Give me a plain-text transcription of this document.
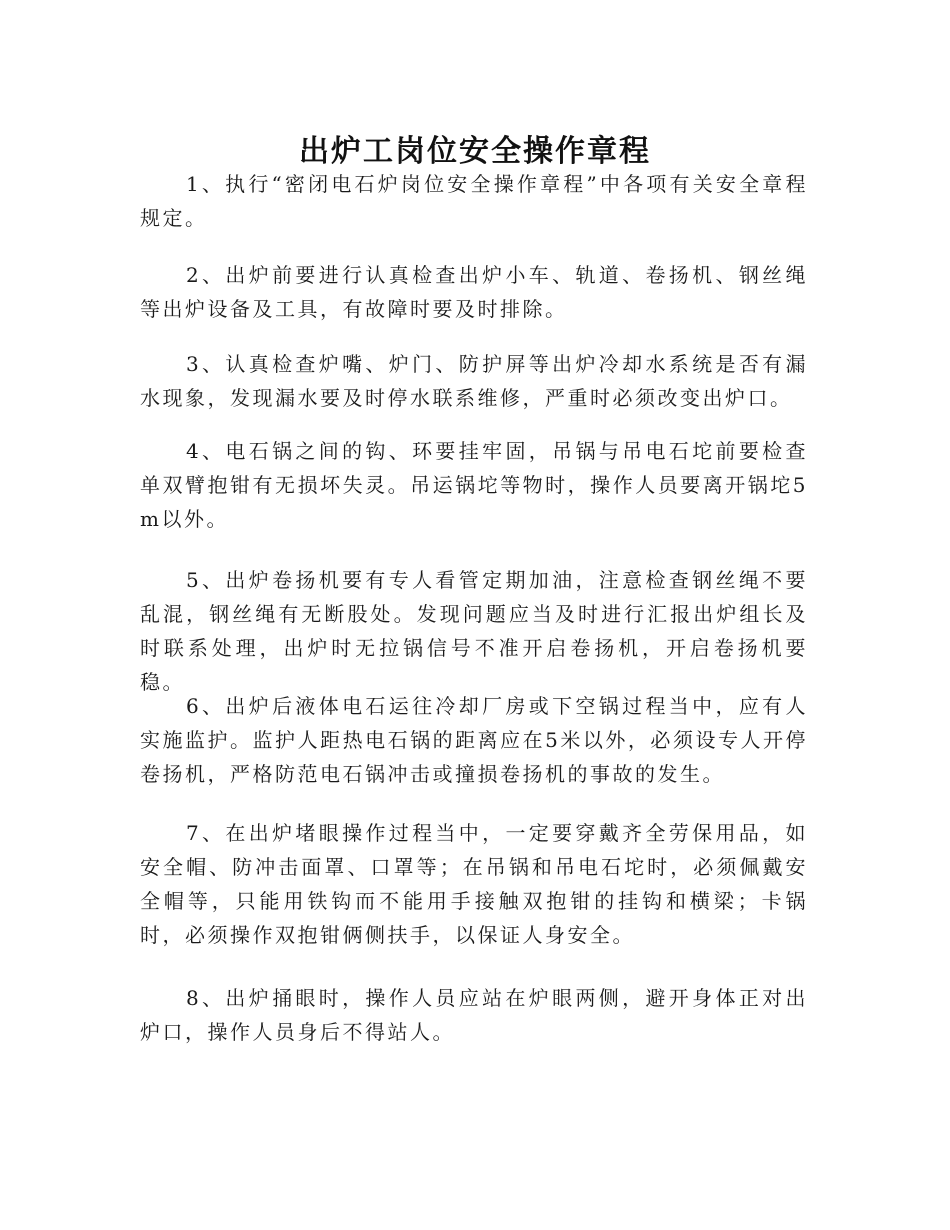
出炉工岗位安全操作章程

1、执行“密闭电石炉岗位安全操作章程”中各项有关安全章程规定。

2、出炉前要进行认真检查出炉小车、轨道、卷扬机、钢丝绳等出炉设备及工具，有故障时要及时排除。

3、认真检查炉嘴、炉门、防护屏等出炉冷却水系统是否有漏水现象，发现漏水要及时停水联系维修，严重时必须改变出炉口。

4、电石锅之间的钩、环要挂牢固，吊锅与吊电石坨前要检查单双臂抱钳有无损坏失灵。吊运锅坨等物时，操作人员要离开锅坨5m以外。

5、出炉卷扬机要有专人看管定期加油，注意检查钢丝绳不要乱混，钢丝绳有无断股处。发现问题应当及时进行汇报出炉组长及时联系处理，出炉时无拉锅信号不准开启卷扬机，开启卷扬机要稳。

6、出炉后液体电石运往冷却厂房或下空锅过程当中，应有人实施监护。监护人距热电石锅的距离应在5米以外，必须设专人开停卷扬机，严格防范电石锅冲击或撞损卷扬机的事故的发生。

7、在出炉堵眼操作过程当中，一定要穿戴齐全劳保用品，如安全帽、防冲击面罩、口罩等；在吊锅和吊电石坨时，必须佩戴安全帽等，只能用铁钩而不能用手接触双抱钳的挂钩和横梁；卡锅时，必须操作双抱钳俩侧扶手，以保证人身安全。

8、出炉捅眼时，操作人员应站在炉眼两侧，避开身体正对出炉口，操作人员身后不得站人。
